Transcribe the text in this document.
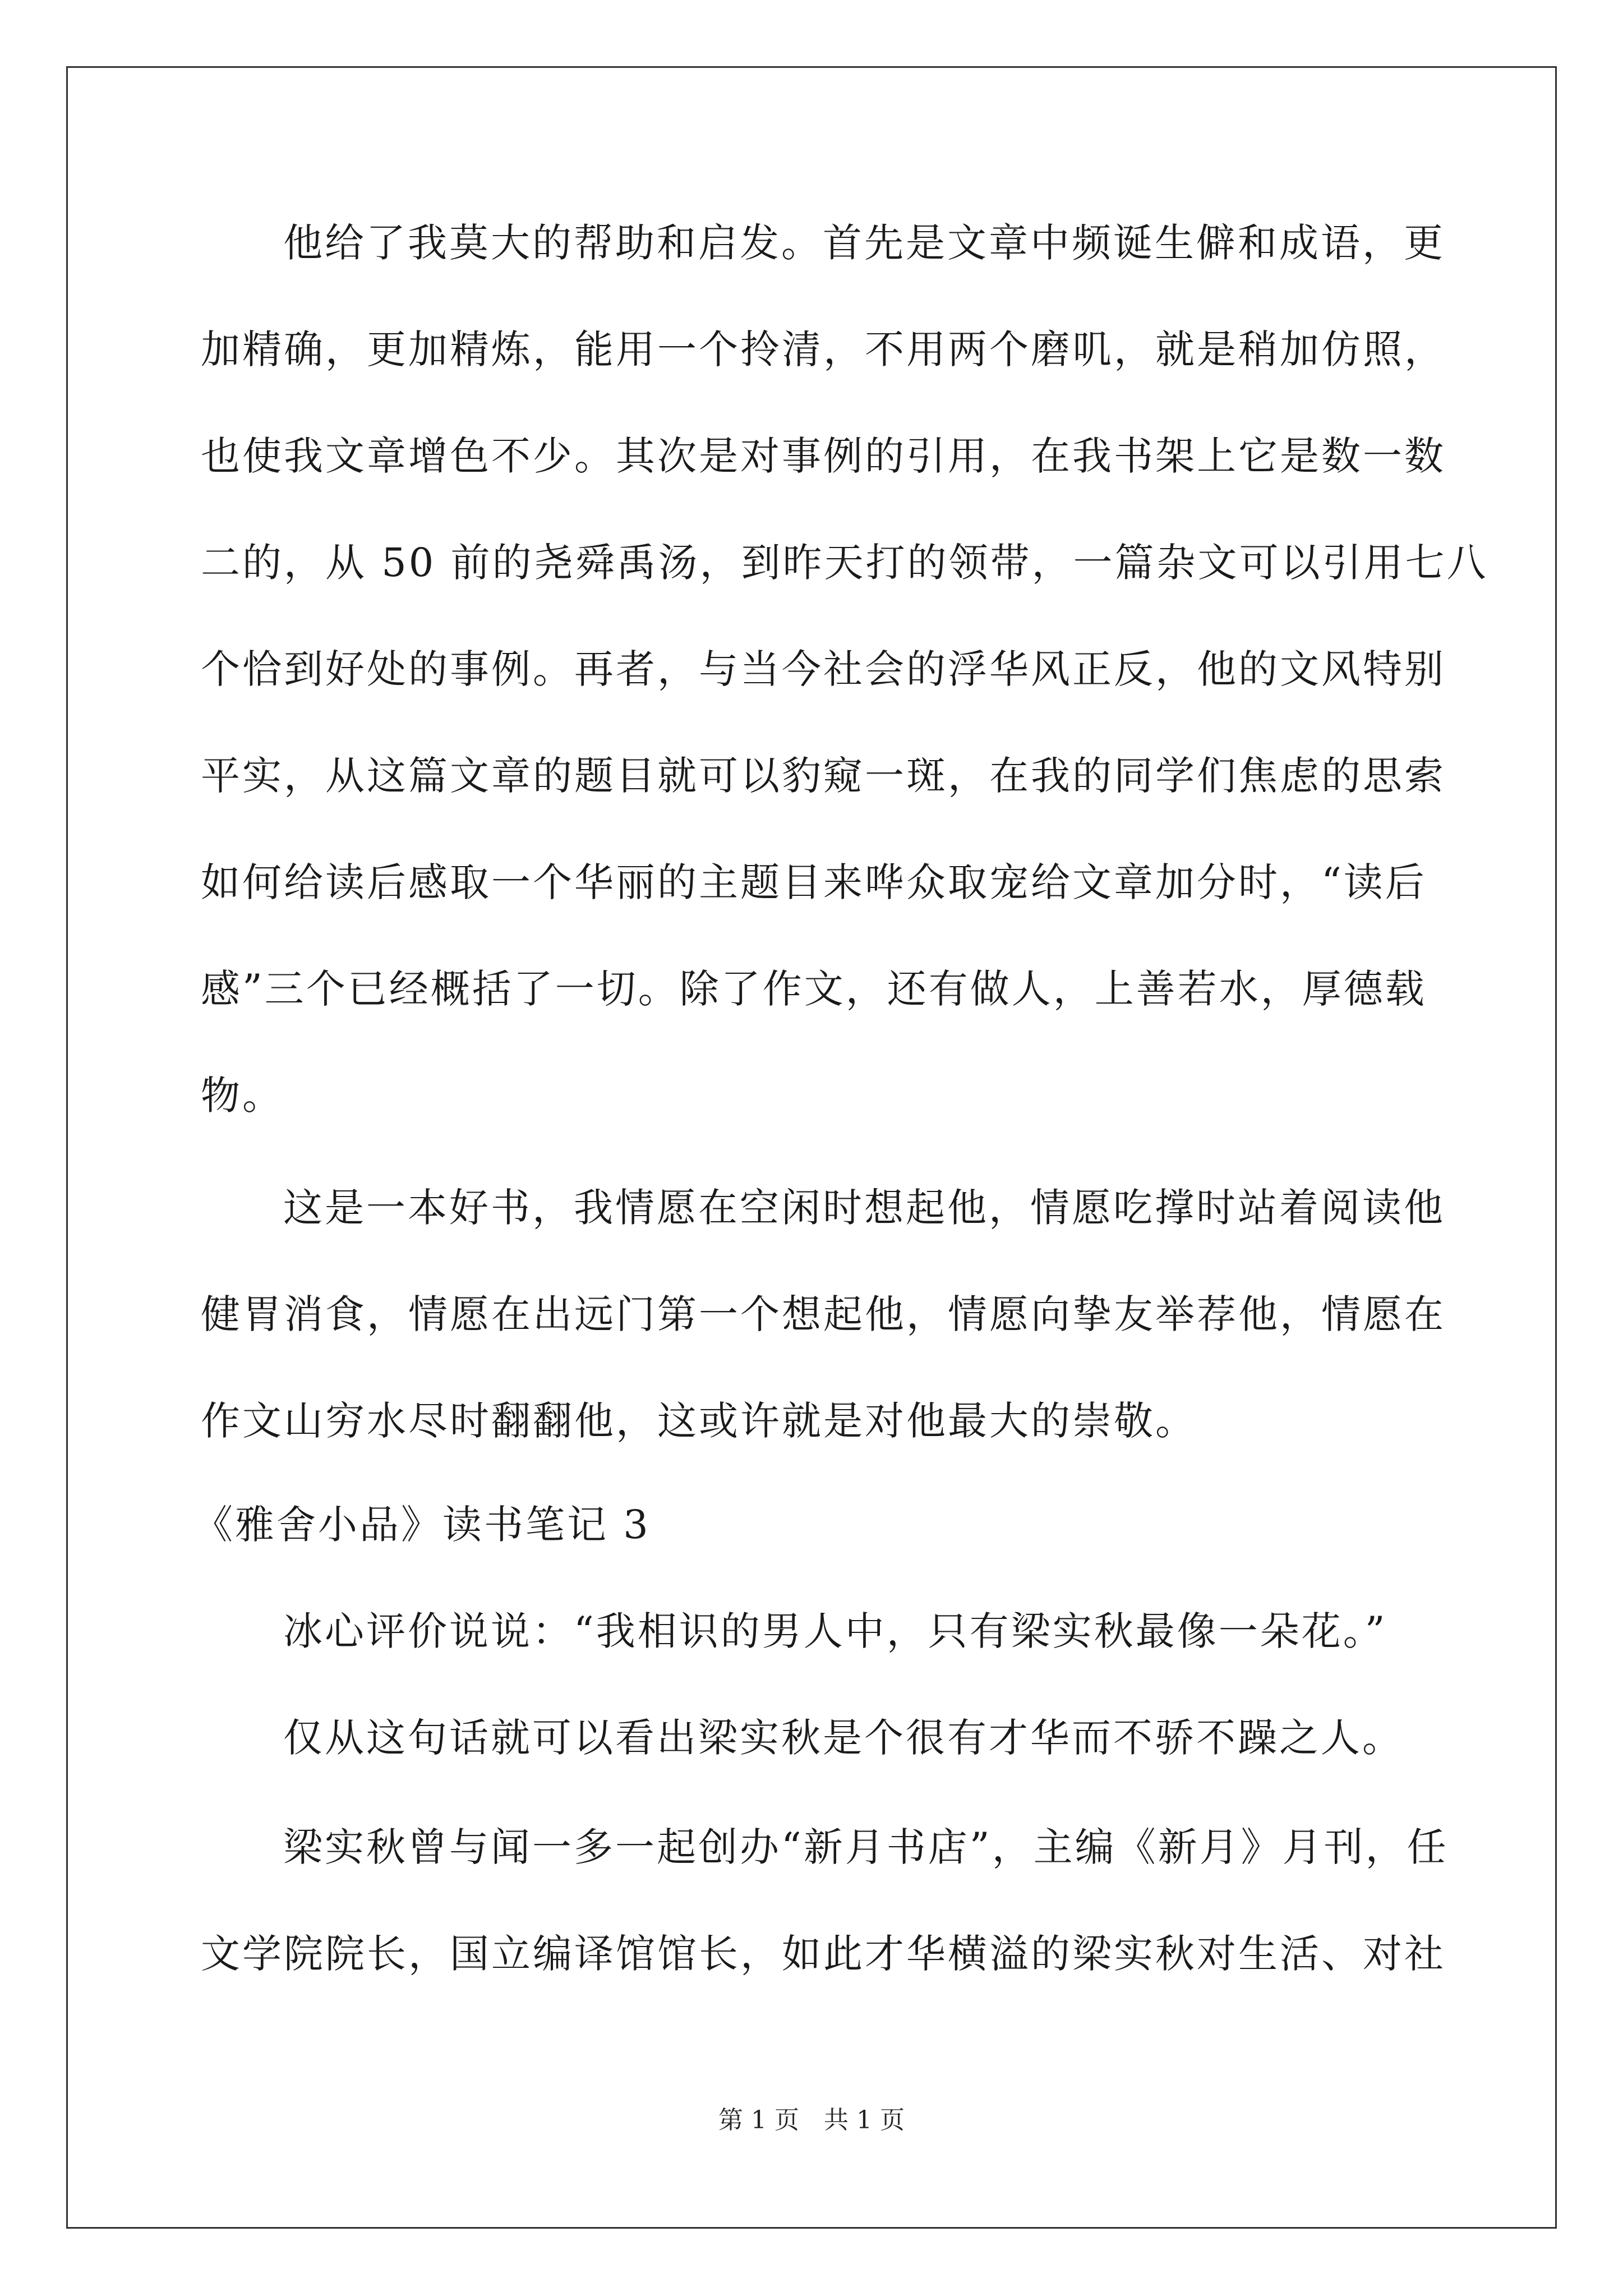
他给了我莫大的帮助和启发。首先是文章中频诞生僻和成语，更
加精确，更加精炼，能用一个拎清，不用两个磨叽，就是稍加仿照，
也使我文章增色不少。其次是对事例的引用，在我书架上它是数一数
二的，从 50 前的尧舜禹汤，到昨天打的领带，一篇杂文可以引用七八
个恰到好处的事例。再者，与当今社会的浮华风正反，他的文风特别
平实，从这篇文章的题目就可以豹窥一斑，在我的同学们焦虑的思索
如何给读后感取一个华丽的主题目来哗众取宠给文章加分时，“读后
感”三个已经概括了一切。除了作文，还有做人，上善若水，厚德载
物。
这是一本好书，我情愿在空闲时想起他，情愿吃撑时站着阅读他
健胃消食，情愿在出远门第一个想起他，情愿向挚友举荐他，情愿在
作文山穷水尽时翻翻他，这或许就是对他最大的崇敬。
《雅舍小品》读书笔记 3
冰心评价说说：“我相识的男人中，只有梁实秋最像一朵花。”
仅从这句话就可以看出梁实秋是个很有才华而不骄不躁之人。
梁实秋曾与闻一多一起创办“新月书店”，主编《新月》月刊，任
文学院院长，国立编译馆馆长，如此才华横溢的梁实秋对生活、对社
第 1 页　共 1 页
